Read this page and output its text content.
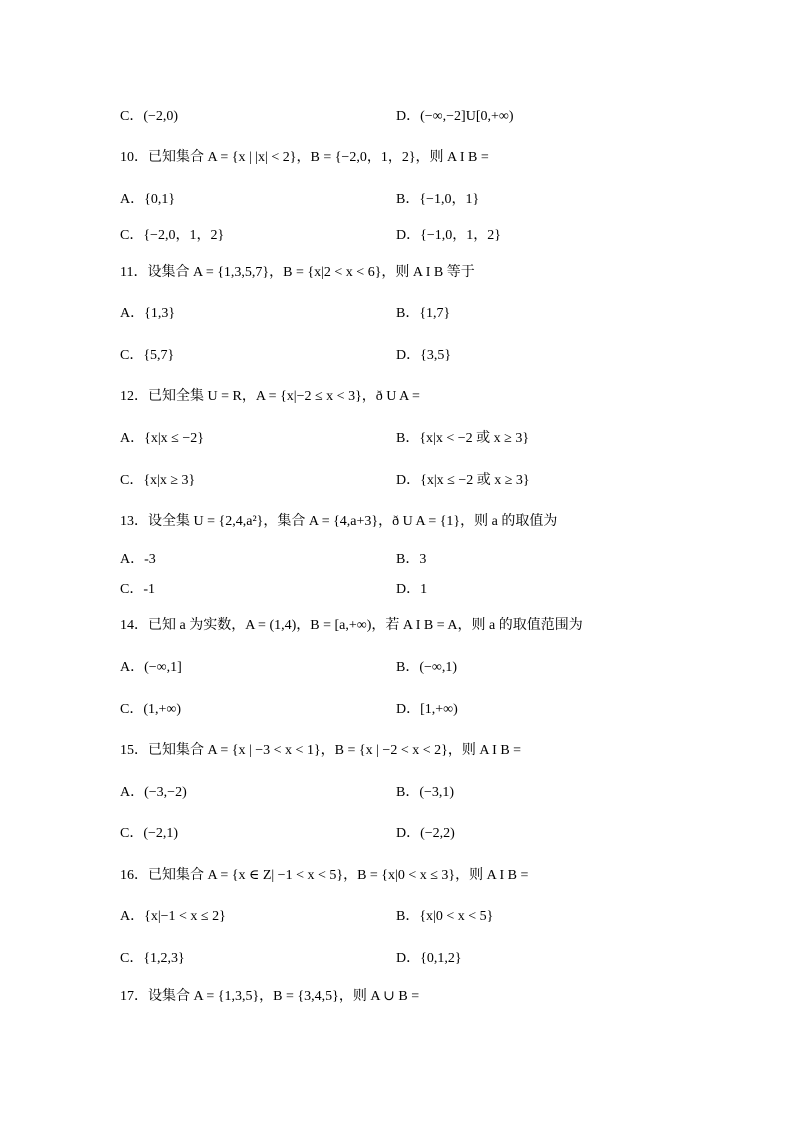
C．(−2,0)	D．(−∞,−2]U[0,+∞)
10．已知集合 A = {x | |x| < 2}，B = {−2,0，1，2}，则 A I B =
A．{0,1}	B．{−1,0，1}
C．{−2,0，1，2}	D．{−1,0，1，2}
11．设集合 A = {1,3,5,7}，B = {x|2 < x < 6}，则 A I B 等于
A．{1,3}	B．{1,7}
C．{5,7}	D．{3,5}
12．已知全集 U = R，A = {x|−2 ≤ x < 3}，ð U A =
A．{x|x ≤ −2}	B．{x|x < −2 或 x ≥ 3}
C．{x|x ≥ 3}	D．{x|x ≤ −2 或 x ≥ 3}
13．设全集 U = {2,4,a²}，集合 A = {4,a+3}，ð U A = {1}，则 a 的取值为
A．-3	B．3
C．-1	D．1
14．已知 a 为实数，A = (1,4)，B = [a,+∞)，若 A I B = A，则 a 的取值范围为
A．(−∞,1]	B．(−∞,1)
C．(1,+∞)	D．[1,+∞)
15．已知集合 A = {x | −3 < x < 1}，B = {x | −2 < x < 2}，则 A I B =
A．(−3,−2)	B．(−3,1)
C．(−2,1)	D．(−2,2)
16．已知集合 A = {x ∈ Z| −1 < x < 5}，B = {x|0 < x ≤ 3}，则 A I B =
A．{x|−1 < x ≤ 2}	B．{x|0 < x < 5}
C．{1,2,3}	D．{0,1,2}
17．设集合 A = {1,3,5}，B = {3,4,5}，则 A ∪ B =
